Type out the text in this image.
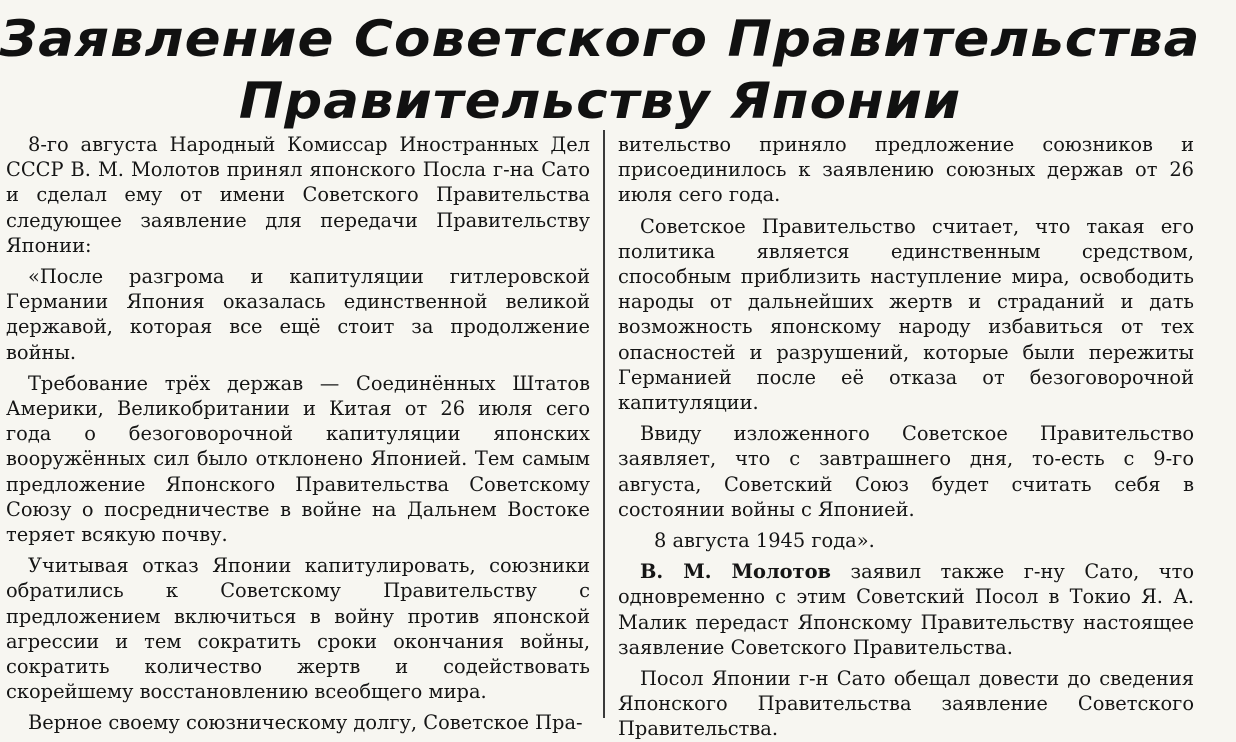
Заявление Советского Правительства
Правительству Японии

8-го августа Народный Комиссар Иностранных Дел СССР В. М. Молотов принял японского Посла г-на Сато и сделал ему от имени Советского Правительства следующее заявление для передачи Правительству Японии:

«После разгрома и капитуляции гитлеровской Германии Япония оказалась единственной великой державой, которая все ещё стоит за продолжение войны.

Требование трёх держав — Соединённых Штатов Америки, Великобритании и Китая от 26 июля сего года о безоговорочной капитуляции японских вооружённых сил было отклонено Японией. Тем самым предложение Японского Правительства Советскому Союзу о посредничестве в войне на Дальнем Востоке теряет всякую почву.

Учитывая отказ Японии капитулировать, союзники обратились к Советскому Правительству с предложением включиться в войну против японской агрессии и тем сократить сроки окончания войны, сократить количество жертв и содействовать скорейшему восстановлению всеобщего мира.

Верное своему союзническому долгу, Советское Пра-

вительство приняло предложение союзников и присоединилось к заявлению союзных держав от 26 июля сего года.

Советское Правительство считает, что такая его политика является единственным средством, способным приблизить наступление мира, освободить народы от дальнейших жертв и страданий и дать возможность японскому народу избавиться от тех опасностей и разрушений, которые были пережиты Германией после её отказа от безоговорочной капитуляции.

Ввиду изложенного Советское Правительство заявляет, что с завтрашнего дня, то-есть с 9-го августа, Советский Союз будет считать себя в состоянии войны с Японией.

8 августа 1945 года».

В. М. Молотов заявил также г-ну Сато, что одновременно с этим Советский Посол в Токио Я. А. Малик передаст Японскому Правительству настоящее заявление Советского Правительства.

Посол Японии г-н Сато обещал довести до сведения Японского Правительства заявление Советского Правительства.
